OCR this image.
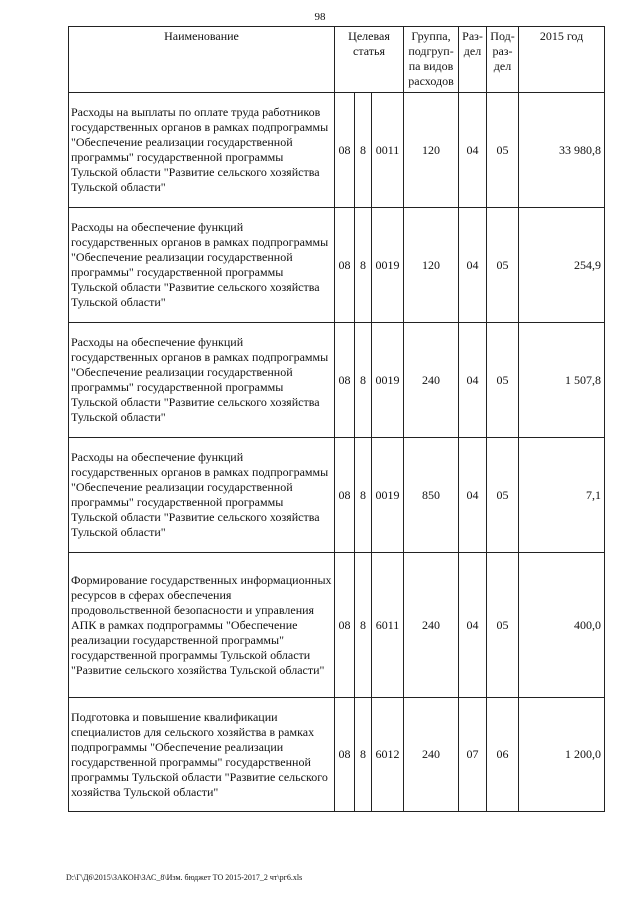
98
Наименование	Целевая статья			Группа, подгруп-па видов расходов	Раз-дел	Под-раз-дел	2015 год
Расходы на выплаты по оплате труда работников государственных органов в рамках подпрограммы "Обеспечение реализации государственной программы" государственной программы Тульской области "Развитие сельского хозяйства Тульской области"	08	8	0011	120	04	05	33 980,8
Расходы на обеспечение функций государственных органов в рамках подпрограммы "Обеспечение реализации государственной программы" государственной программы Тульской области "Развитие сельского хозяйства Тульской области"	08	8	0019	120	04	05	254,9
Расходы на обеспечение функций государственных органов в рамках подпрограммы "Обеспечение реализации государственной программы" государственной программы Тульской области "Развитие сельского хозяйства Тульской области"	08	8	0019	240	04	05	1 507,8
Расходы на обеспечение функций государственных органов в рамках подпрограммы "Обеспечение реализации государственной программы" государственной программы Тульской области "Развитие сельского хозяйства Тульской области"	08	8	0019	850	04	05	7,1
Формирование государственных информационных ресурсов в сферах обеспечения продовольственной безопасности и управления АПК в рамках подпрограммы "Обеспечение реализации государственной программы" государственной программы Тульской области "Развитие сельского хозяйства Тульской области"	08	8	6011	240	04	05	400,0
Подготовка и повышение квалификации специалистов для сельского хозяйства в рамках подпрограммы "Обеспечение реализации государственной программы" государственной программы Тульской области "Развитие сельского хозяйства Тульской области"	08	8	6012	240	07	06	1 200,0
D:\Г\Д6\2015\ЗАКОН\ЗАС_8\Изм. бюджет ТО 2015-2017_2 чт\рг6.xls
